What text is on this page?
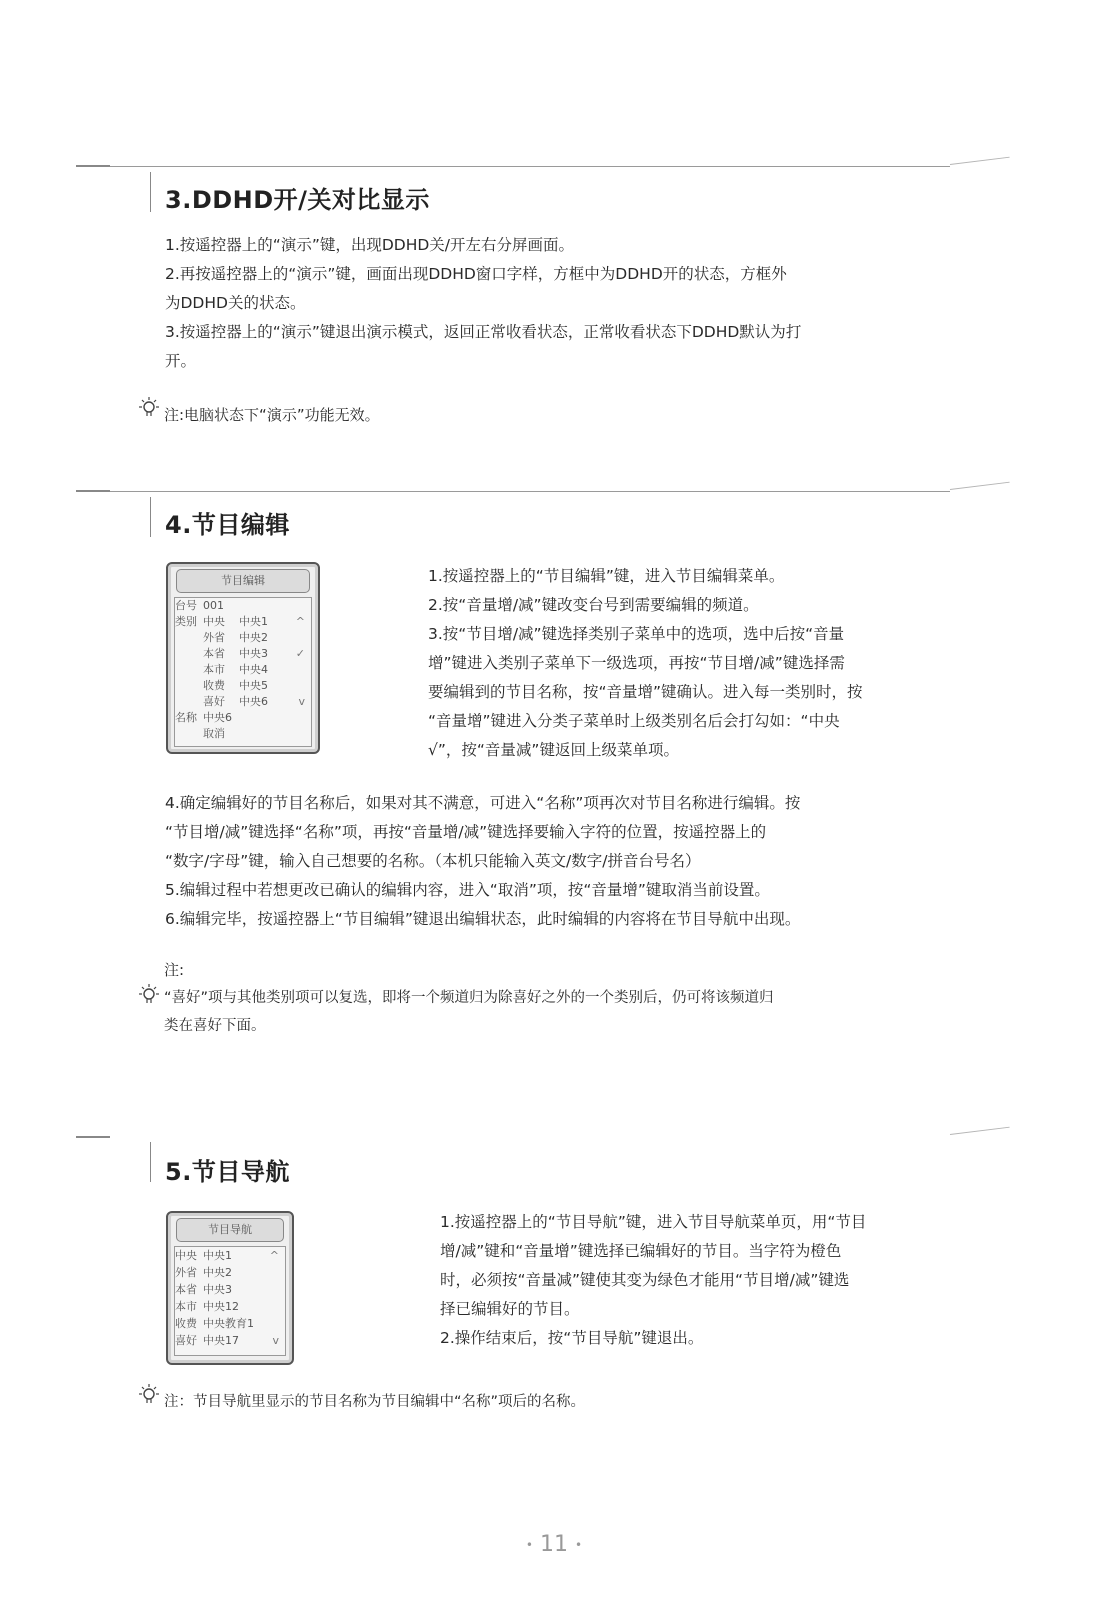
3.DDHD开/关对比显示

1.按遥控器上的“演示”键，出现DDHD关/开左右分屏画面。

2.再按遥控器上的“演示”键，画面出现DDHD窗口字样，方框中为DDHD开的状态，方框外

为DDHD关的状态。

3.按遥控器上的“演示”键退出演示模式，返回正常收看状态，正常收看状态下DDHD默认为打

开。

注:电脑状态下“演示”功能无效。
4.节目编辑
节目编辑
台号 001
类别 中央 中央1	^
外省 中央2
本省 中央3	✓
本市 中央4
收费 中央5
喜好 中央6	v
名称 中央6
取消

1.按遥控器上的“节目编辑”键，进入节目编辑菜单。

2.按“音量增/减”键改变台号到需要编辑的频道。

3.按“节目增/减”键选择类别子菜单中的选项，选中后按“音量

增”键进入类别子菜单下一级选项，再按“节目增/减”键选择需

要编辑到的节目名称，按“音量增”键确认。进入每一类别时，按

“音量增”键进入分类子菜单时上级类别名后会打勾如：“中央

√”，按“音量减”键返回上级菜单项。

4.确定编辑好的节目名称后，如果对其不满意，可进入“名称”项再次对节目名称进行编辑。按

“节目增/减”键选择“名称”项，再按“音量增/减”键选择要输入字符的位置，按遥控器上的

“数字/字母”键，输入自己想要的名称。（本机只能输入英文/数字/拼音台号名）

5.编辑过程中若想更改已确认的编辑内容，进入“取消”项，按“音量增”键取消当前设置。

6.编辑完毕，按遥控器上“节目编辑”键退出编辑状态，此时编辑的内容将在节目导航中出现。

注:

“喜好”项与其他类别项可以复选，即将一个频道归为除喜好之外的一个类别后，仍可将该频道归

类在喜好下面。

5.节目导航
节目导航
中央 中央1	^
外省 中央2
本省 中央3
本市 中央12
收费 中央教育1
喜好 中央17	v

1.按遥控器上的“节目导航”键，进入节目导航菜单页，用“节目

增/减”键和“音量增”键选择已编辑好的节目。当字符为橙色

时，必须按“音量减”键使其变为绿色才能用“节目增/减”键选

择已编辑好的节目。

2.操作结束后，按“节目导航”键退出。

注：节目导航里显示的节目名称为节目编辑中“名称”项后的名称。
• 11 •
